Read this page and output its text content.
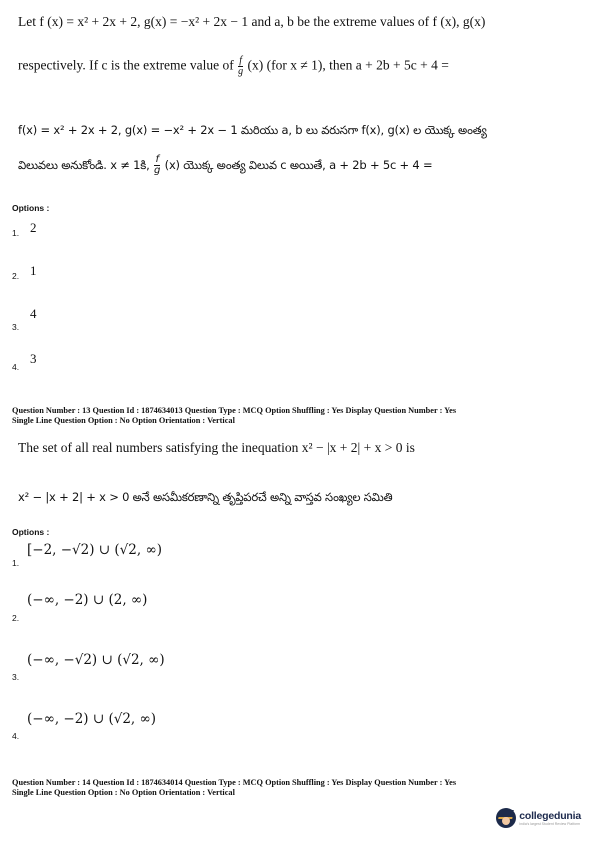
Let f (x) = x² + 2x + 2, g(x) = −x² + 2x − 1 and a, b be the extreme values of f (x), g(x)
respectively. If c is the extreme value of $\frac{f}{g} (x)$ (for x ≠ 1), then a + 2b + 5c + 4 =
f(x) = x² + 2x + 2, g(x) = −x² + 2x − 1 మరియు a, b లు వరుసగా f(x), g(x) ల యొక్క అంత్య
విలువలు అనుకోండి. x ≠ 1కి, $\frac{f}{g} (x)$ యొక్క అంత్య విలువ c అయితే, a + 2b + 5c + 4 =
Options :
1. 2
2. 1
3.
4
4.
3
Question Number : 13 Question Id : 1874634013 Question Type : MCQ Option Shuffling : Yes Display Question Number : Yes
Single Line Question Option : No Option Orientation : Vertical
The set of all real numbers satisfying the inequation x² − |x + 2| + x > 0 is
x² − |x + 2| + x > 0 అనే అసమీకరణాన్ని తృప్తిపరచే అన్ని వాస్తవ సంఖ్యల సమితి
Options :
1.
[−2, −√2) ∪ (√2, ∞)
2.
(−∞, −2) ∪ (2, ∞)
3.
(−∞, −√2) ∪ (√2, ∞)
4.
(−∞, −2) ∪ (√2, ∞)
Question Number : 14 Question Id : 1874634014 Question Type : MCQ Option Shuffling : Yes Display Question Number : Yes
Single Line Question Option : No Option Orientation : Vertical
collegedunia
India's largest Student Review Platform
